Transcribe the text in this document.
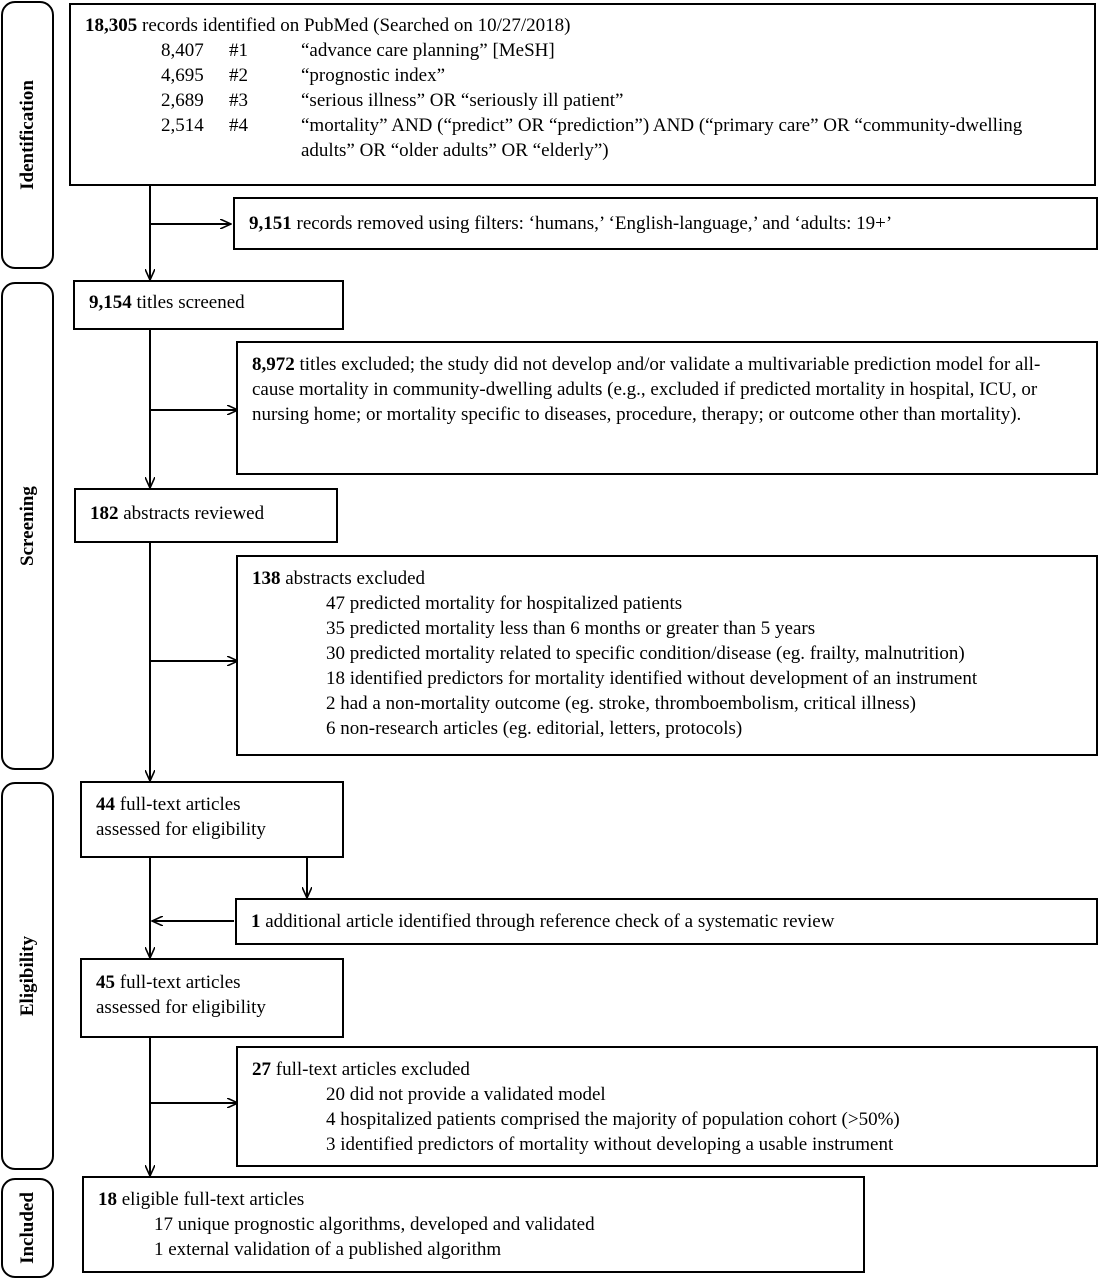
Identification
Screening
Eligibility
Included
18,305 records identified on PubMed (Searched on 10/27/2018)
8,407	#1	“advance care planning” [MeSH]
4,695	#2	“prognostic index”
2,689	#3	“serious illness” OR “seriously ill patient”
2,514	#4	“mortality” AND (“predict” OR “prediction”) AND (“primary care” OR “community-dwelling adults” OR “older adults” OR “elderly”)
9,151 records removed using filters: ‘humans,’ ‘English-language,’ and ‘adults: 19+’
9,154 titles screened
8,972 titles excluded; the study did not develop and/or validate a multivariable prediction model for all-cause mortality in community-dwelling adults (e.g., excluded if predicted mortality in hospital, ICU, or nursing home; or mortality specific to diseases, procedure, therapy; or outcome other than mortality).
182 abstracts reviewed
138 abstracts excluded
47 predicted mortality for hospitalized patients
35 predicted mortality less than 6 months or greater than 5 years
30 predicted mortality related to specific condition/disease (eg. frailty, malnutrition)
18 identified predictors for mortality identified without development of an instrument
2 had a non-mortality outcome (eg. stroke, thromboembolism, critical illness)
6 non-research articles (eg. editorial, letters, protocols)
44 full-text articles
assessed for eligibility
1 additional article identified through reference check of a systematic review
45 full-text articles
assessed for eligibility
27 full-text articles excluded
20 did not provide a validated model
4 hospitalized patients comprised the majority of population cohort (>50%)
3 identified predictors of mortality without developing a usable instrument
18 eligible full-text articles
17 unique prognostic algorithms, developed and validated
1 external validation of a published algorithm
